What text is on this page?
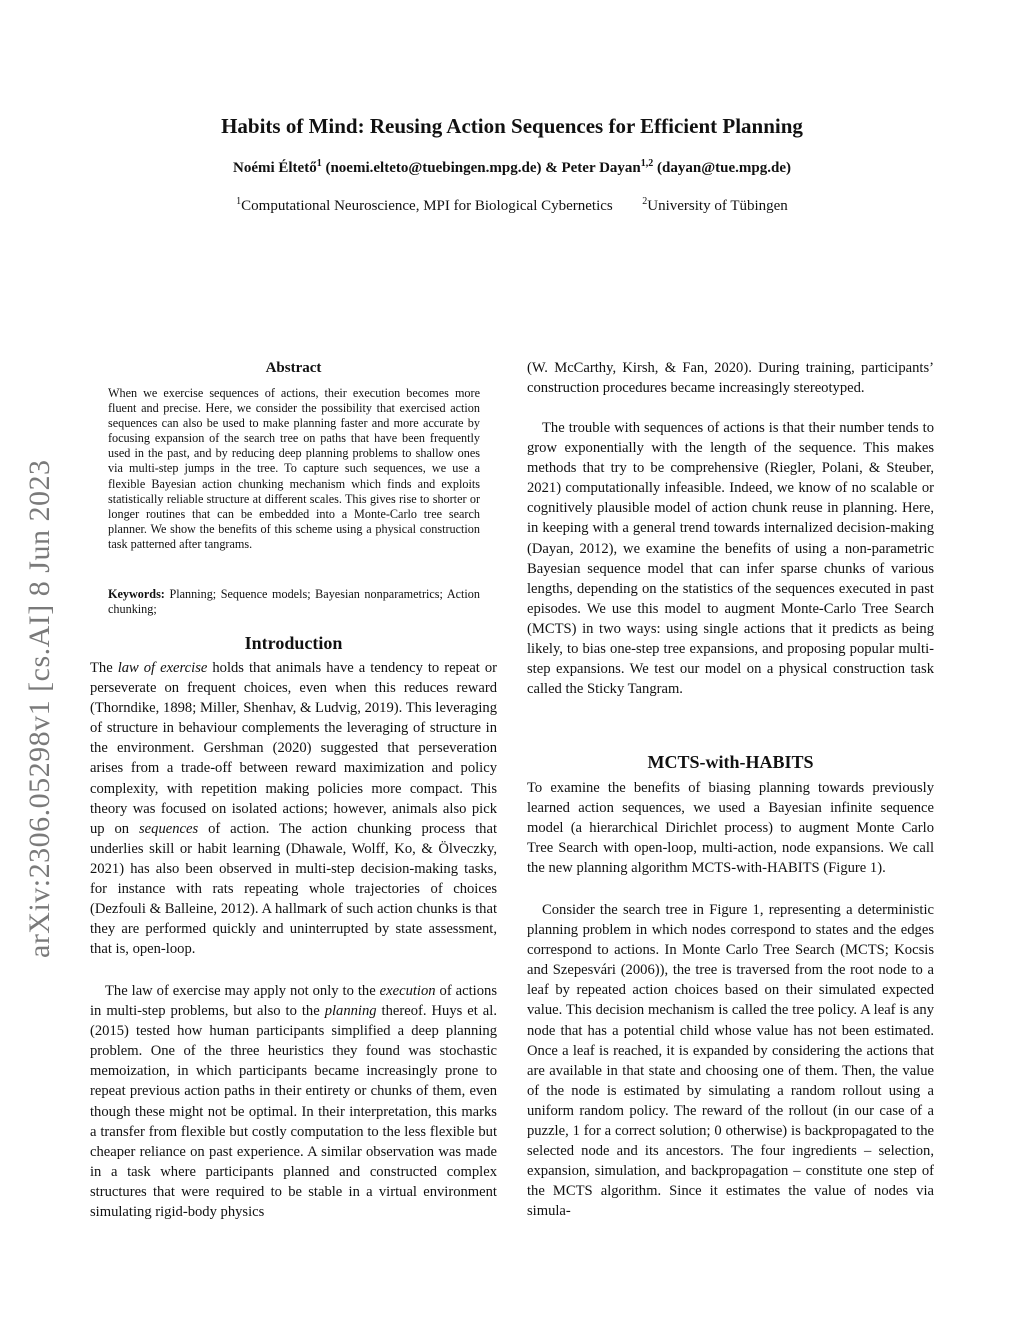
Habits of Mind: Reusing Action Sequences for Efficient Planning
Noémi Éltető$^1$ (noemi.elteto@tuebingen.mpg.de) & Peter Dayan$^{1,2}$ (dayan@tue.mpg.de)
$^1$Computational Neuroscience, MPI for Biological Cybernetics	$^2$University of Tübingen
arXiv:2306.05298v1 [cs.AI] 8 Jun 2023
Abstract

When we exercise sequences of actions, their execution becomes more fluent and precise. Here, we consider the possibility that exercised action sequences can also be used to make planning faster and more accurate by focusing expansion of the search tree on paths that have been frequently used in the past, and by reducing deep planning problems to shallow ones via multi-step jumps in the tree. To capture such sequences, we use a flexible Bayesian action chunking mechanism which finds and exploits statistically reliable structure at different scales. This gives rise to shorter or longer routines that can be embedded into a Monte-Carlo tree search planner. We show the benefits of this scheme using a physical construction task patterned after tangrams.

Keywords: Planning; Sequence models; Bayesian nonparametrics; Action chunking;

Introduction

The law of exercise holds that animals have a tendency to repeat or perseverate on frequent choices, even when this reduces reward (Thorndike, 1898; Miller, Shenhav, & Ludvig, 2019). This leveraging of structure in behaviour complements the leveraging of structure in the environment. Gershman (2020) suggested that perseveration arises from a trade-off between reward maximization and policy complexity, with repetition making policies more compact. This theory was focused on isolated actions; however, animals also pick up on sequences of action. The action chunking process that underlies skill or habit learning (Dhawale, Wolff, Ko, & Ölveczky, 2021) has also been observed in multi-step decision-making tasks, for instance with rats repeating whole trajectories of choices (Dezfouli & Balleine, 2012). A hallmark of such action chunks is that they are performed quickly and uninterrupted by state assessment, that is, open-loop.

The law of exercise may apply not only to the execution of actions in multi-step problems, but also to the planning thereof. Huys et al. (2015) tested how human participants simplified a deep planning problem. One of the three heuristics they found was stochastic memoization, in which participants became increasingly prone to repeat previous action paths in their entirety or chunks of them, even though these might not be optimal. In their interpretation, this marks a transfer from flexible but costly computation to the less flexible but cheaper reliance on past experience. A similar observation was made in a task where participants planned and constructed complex structures that were required to be stable in a virtual environment simulating rigid-body physics

(W. McCarthy, Kirsh, & Fan, 2020). During training, participants’ construction procedures became increasingly stereotyped.

The trouble with sequences of actions is that their number tends to grow exponentially with the length of the sequence. This makes methods that try to be comprehensive (Riegler, Polani, & Steuber, 2021) computationally infeasible. Indeed, we know of no scalable or cognitively plausible model of action chunk reuse in planning. Here, in keeping with a general trend towards internalized decision-making (Dayan, 2012), we examine the benefits of using a non-parametric Bayesian sequence model that can infer sparse chunks of various lengths, depending on the statistics of the sequences executed in past episodes. We use this model to augment Monte-Carlo Tree Search (MCTS) in two ways: using single actions that it predicts as being likely, to bias one-step tree expansions, and proposing popular multi-step expansions. We test our model on a physical construction task called the Sticky Tangram.

MCTS-with-HABITS

To examine the benefits of biasing planning towards previously learned action sequences, we used a Bayesian infinite sequence model (a hierarchical Dirichlet process) to augment Monte Carlo Tree Search with open-loop, multi-action, node expansions. We call the new planning algorithm MCTS-with-HABITS (Figure 1).

Consider the search tree in Figure 1, representing a deterministic planning problem in which nodes correspond to states and the edges correspond to actions. In Monte Carlo Tree Search (MCTS; Kocsis and Szepesvári (2006)), the tree is traversed from the root node to a leaf by repeated action choices based on their simulated expected value. This decision mechanism is called the tree policy. A leaf is any node that has a potential child whose value has not been estimated. Once a leaf is reached, it is expanded by considering the actions that are available in that state and choosing one of them. Then, the value of the node is estimated by simulating a random rollout using a uniform random policy. The reward of the rollout (in our case of a puzzle, 1 for a correct solution; 0 otherwise) is backpropagated to the selected node and its ancestors. The four ingredients – selection, expansion, simulation, and backpropagation – constitute one step of the MCTS algorithm. Since it estimates the value of nodes via simula-
